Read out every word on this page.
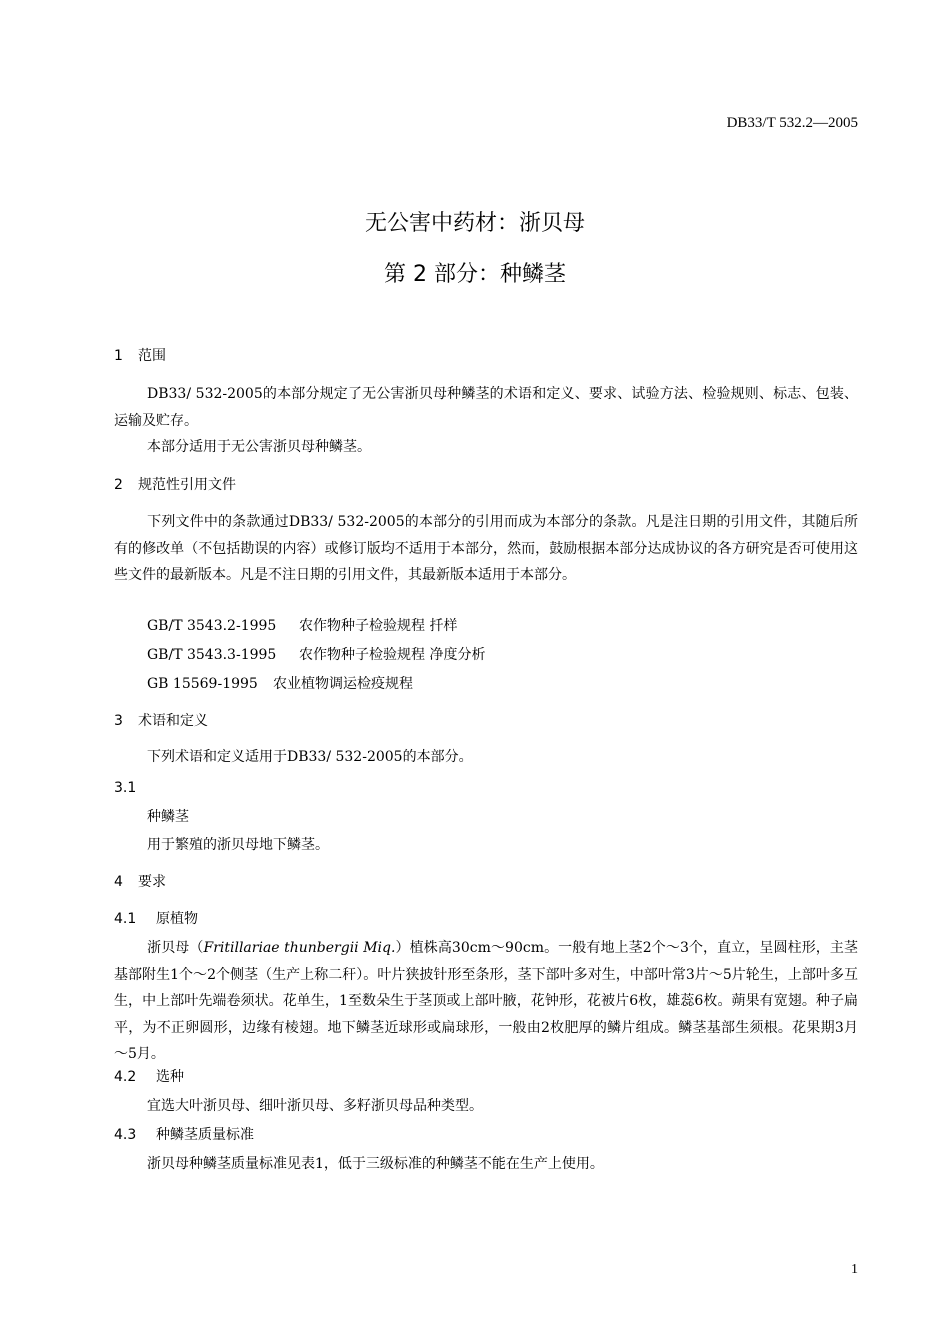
DB33/T 532.2—2005
无公害中药材：浙贝母
第 2 部分：种鳞茎
1 范围
DB33/ 532-2005的本部分规定了无公害浙贝母种鳞茎的术语和定义、要求、试验方法、检验规则、标志、包装、运输及贮存。
本部分适用于无公害浙贝母种鳞茎。
2 规范性引用文件
下列文件中的条款通过DB33/ 532-2005的本部分的引用而成为本部分的条款。凡是注日期的引用文件，其随后所有的修改单（不包括勘误的内容）或修订版均不适用于本部分，然而，鼓励根据本部分达成协议的各方研究是否可使用这些文件的最新版本。凡是不注日期的引用文件，其最新版本适用于本部分。
GB/T 3543.2-1995 农作物种子检验规程 扦样
GB/T 3543.3-1995 农作物种子检验规程 净度分析
GB 15569-1995 农业植物调运检疫规程
3 术语和定义
下列术语和定义适用于DB33/ 532-2005的本部分。
3.1
种鳞茎
用于繁殖的浙贝母地下鳞茎。
4 要求
4.1 原植物
浙贝母（Fritillariae thunbergii Miq.）植株高30cm～90cm。一般有地上茎2个～3个，直立，呈圆柱形，主茎基部附生1个～2个侧茎（生产上称二秆）。叶片狭披针形至条形，茎下部叶多对生，中部叶常3片～5片轮生，上部叶多互生，中上部叶先端卷须状。花单生，1至数朵生于茎顶或上部叶腋，花钟形，花被片6枚，雄蕊6枚。蒴果有宽翅。种子扁平，为不正卵圆形，边缘有棱翅。地下鳞茎近球形或扁球形，一般由2枚肥厚的鳞片组成。鳞茎基部生须根。花果期3月～5月。
4.2 选种
宜选大叶浙贝母、细叶浙贝母、多籽浙贝母品种类型。
4.3 种鳞茎质量标准
浙贝母种鳞茎质量标准见表1，低于三级标准的种鳞茎不能在生产上使用。
1
